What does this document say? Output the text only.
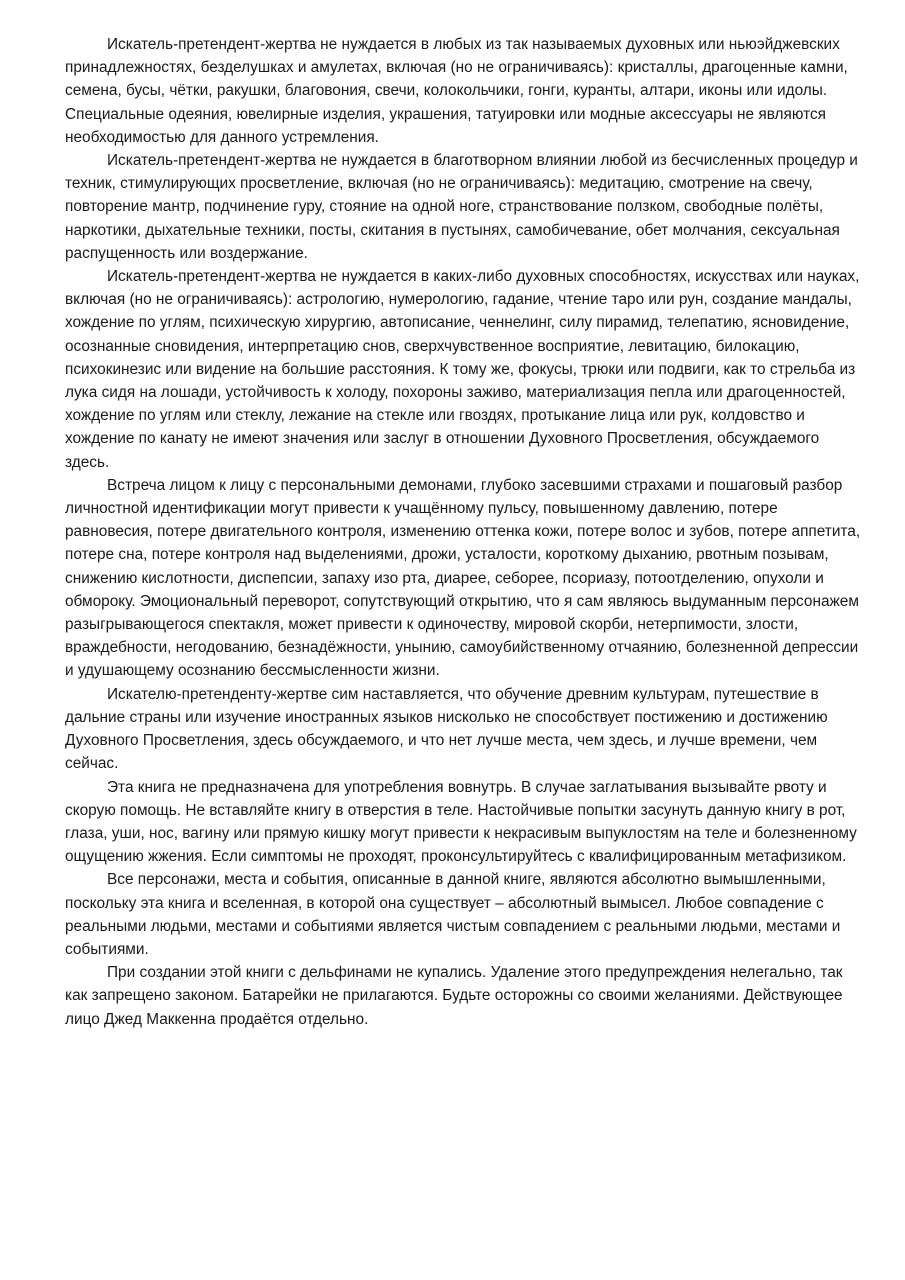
Искатель-претендент-жертва не нуждается в любых из так называемых духовных или ньюэйджевских принадлежностях, безделушках и амулетах, включая (но не ограничиваясь): кристаллы, драгоценные камни, семена, бусы, чётки, ракушки, благовония, свечи, колокольчики, гонги, куранты, алтари, иконы или идолы. Специальные одеяния, ювелирные изделия, украшения, татуировки или модные аксессуары не являются необходимостью для данного устремления.

Искатель-претендент-жертва не нуждается в благотворном влиянии любой из бесчисленных процедур и техник, стимулирующих просветление, включая (но не ограничиваясь): медитацию, смотрение на свечу, повторение мантр, подчинение гуру, стояние на одной ноге, странствование ползком, свободные полёты, наркотики, дыхательные техники, посты, скитания в пустынях, самобичевание, обет молчания, сексуальная распущенность или воздержание.

Искатель-претендент-жертва не нуждается в каких-либо духовных способностях, искусствах или науках, включая (но не ограничиваясь): астрологию, нумерологию, гадание, чтение таро или рун, создание мандалы, хождение по углям, психическую хирургию, автописание, ченнелинг, силу пирамид, телепатию, ясновидение, осознанные сновидения, интерпретацию снов, сверхчувственное восприятие, левитацию, билокацию, психокинезис или видение на большие расстояния. К тому же, фокусы, трюки или подвиги, как то стрельба из лука сидя на лошади, устойчивость к холоду, похороны заживо, материализация пепла или драгоценностей, хождение по углям или стеклу, лежание на стекле или гвоздях, протыкание лица или рук, колдовство и хождение по канату не имеют значения или заслуг в отношении Духовного Просветления, обсуждаемого здесь.

Встреча лицом к лицу с персональными демонами, глубоко засевшими страхами и пошаговый разбор личностной идентификации могут привести к учащённому пульсу, повышенному давлению, потере равновесия, потере двигательного контроля, изменению оттенка кожи, потере волос и зубов, потере аппетита, потере сна, потере контроля над выделениями, дрожи, усталости, короткому дыханию, рвотным позывам, снижению кислотности, диспепсии, запаху изо рта, диарее, себорее, псориазу, потоотделению, опухоли и обмороку. Эмоциональный переворот, сопутствующий открытию, что я сам являюсь выдуманным персонажем разыгрывающегося спектакля, может привести к одиночеству, мировой скорби, нетерпимости, злости, враждебности, негодованию, безнадёжности, унынию, самоубийственному отчаянию, болезненной депрессии и удушающему осознанию бессмысленности жизни.

Искателю-претенденту-жертве сим наставляется, что обучение древним культурам, путешествие в дальние страны или изучение иностранных языков нисколько не способствует постижению и достижению Духовного Просветления, здесь обсуждаемого, и что нет лучше места, чем здесь, и лучше времени, чем сейчас.

Эта книга не предназначена для употребления вовнутрь. В случае заглатывания вызывайте рвоту и скорую помощь. Не вставляйте книгу в отверстия в теле. Настойчивые попытки засунуть данную книгу в рот, глаза, уши, нос, вагину или прямую кишку могут привести к некрасивым выпуклостям на теле и болезненному ощущению жжения. Если симптомы не проходят, проконсультируйтесь с квалифицированным метафизиком.

Все персонажи, места и события, описанные в данной книге, являются абсолютно вымышленными, поскольку эта книга и вселенная, в которой она существует – абсолютный вымысел. Любое совпадение с реальными людьми, местами и событиями является чистым совпадением с реальными людьми, местами и событиями.

При создании этой книги с дельфинами не купались. Удаление этого предупреждения нелегально, так как запрещено законом. Батарейки не прилагаются. Будьте осторожны со своими желаниями. Действующее лицо Джед Маккенна продаётся отдельно.
